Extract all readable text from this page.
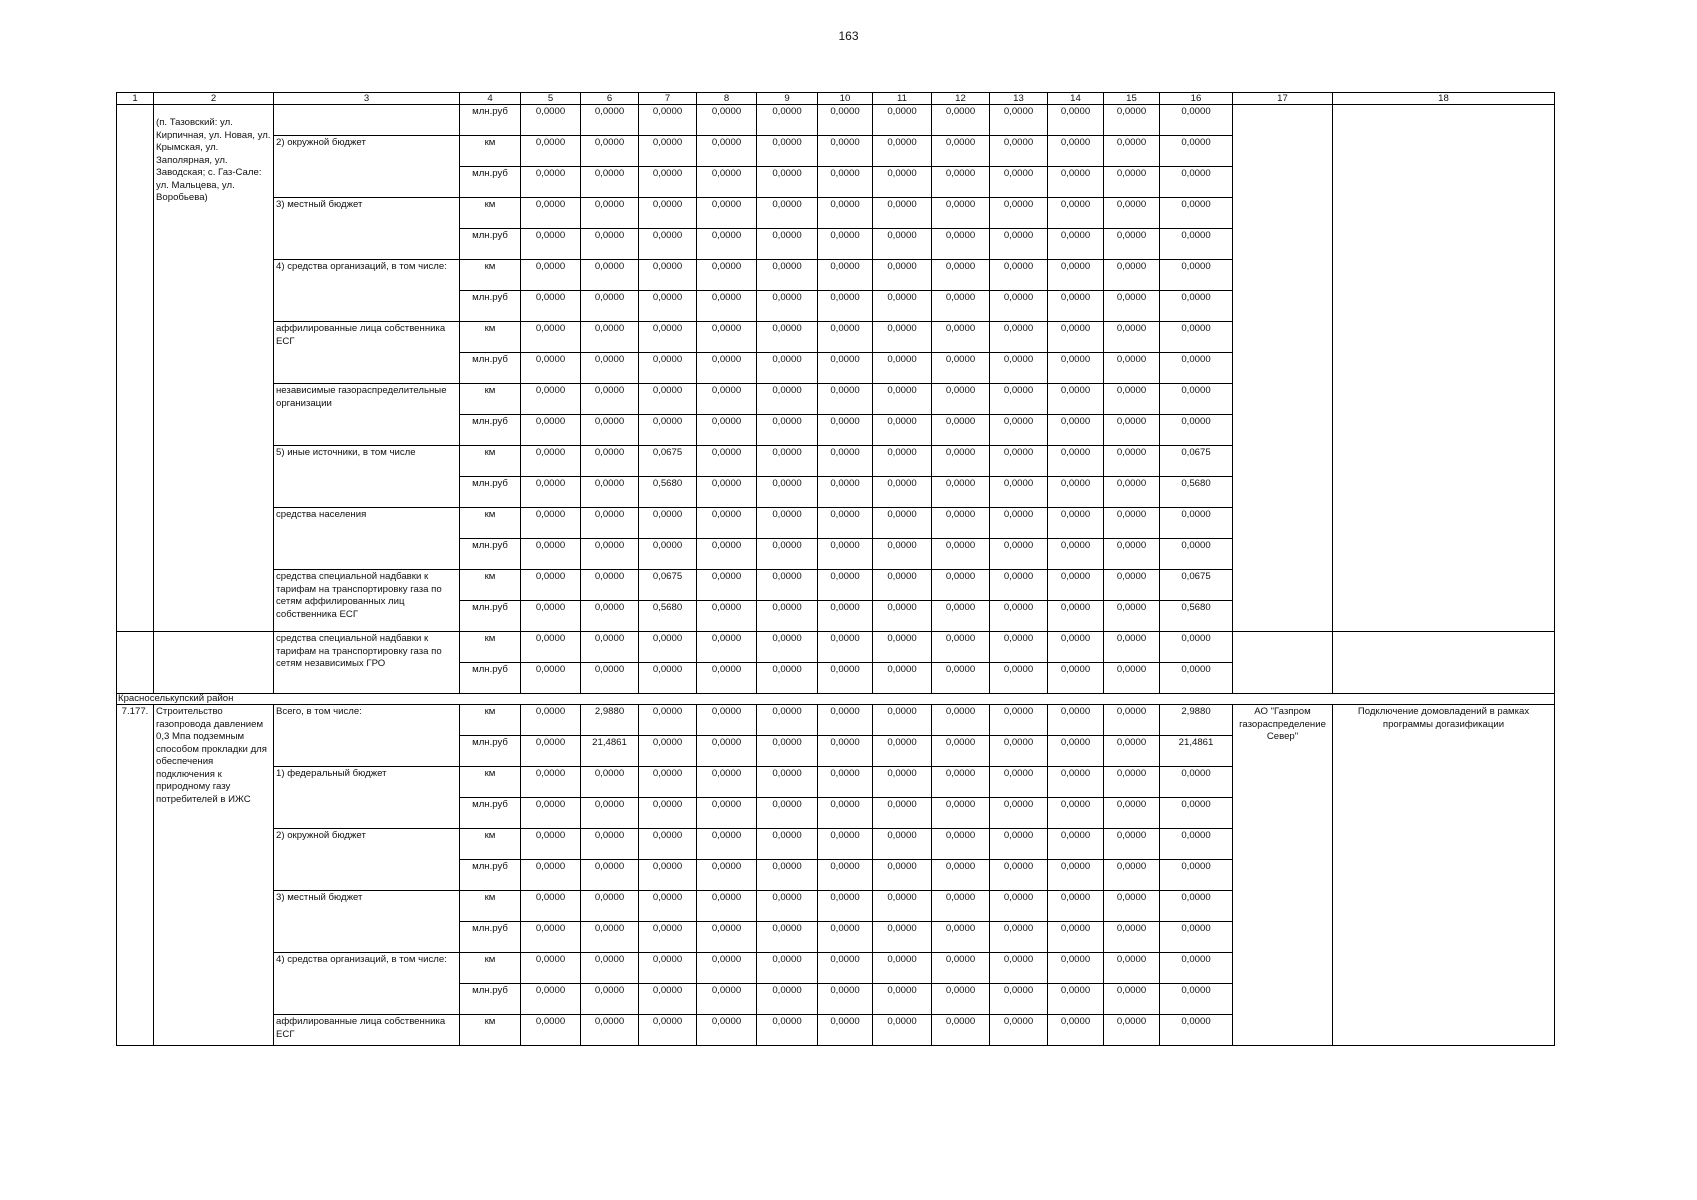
163
1	2	3	4	5	6	7	8	9	10	11	12	13	14	15	16	17	18
	(п. Тазовский: ул. Кирпичная, ул. Новая, ул. Крымская, ул. Заполярная, ул. Заводская; с. Газ-Сале: ул. Мальцева, ул. Воробьева)		млн.руб	0,0000	0,0000	0,0000	0,0000	0,0000	0,0000	0,0000	0,0000	0,0000	0,0000	0,0000	0,0000		
		2) окружной бюджет	км	0,0000	0,0000	0,0000	0,0000	0,0000	0,0000	0,0000	0,0000	0,0000	0,0000	0,0000	0,0000		
			млн.руб	0,0000	0,0000	0,0000	0,0000	0,0000	0,0000	0,0000	0,0000	0,0000	0,0000	0,0000	0,0000		
		3) местный бюджет	км	0,0000	0,0000	0,0000	0,0000	0,0000	0,0000	0,0000	0,0000	0,0000	0,0000	0,0000	0,0000		
			млн.руб	0,0000	0,0000	0,0000	0,0000	0,0000	0,0000	0,0000	0,0000	0,0000	0,0000	0,0000	0,0000		
		4) средства организаций, в том числе:	км	0,0000	0,0000	0,0000	0,0000	0,0000	0,0000	0,0000	0,0000	0,0000	0,0000	0,0000	0,0000		
			млн.руб	0,0000	0,0000	0,0000	0,0000	0,0000	0,0000	0,0000	0,0000	0,0000	0,0000	0,0000	0,0000		
		аффилированные лица собственника ЕСГ	км	0,0000	0,0000	0,0000	0,0000	0,0000	0,0000	0,0000	0,0000	0,0000	0,0000	0,0000	0,0000		
			млн.руб	0,0000	0,0000	0,0000	0,0000	0,0000	0,0000	0,0000	0,0000	0,0000	0,0000	0,0000	0,0000		
		независимые газораспределительные организации	км	0,0000	0,0000	0,0000	0,0000	0,0000	0,0000	0,0000	0,0000	0,0000	0,0000	0,0000	0,0000		
			млн.руб	0,0000	0,0000	0,0000	0,0000	0,0000	0,0000	0,0000	0,0000	0,0000	0,0000	0,0000	0,0000		
		5) иные источники, в том числе	км	0,0000	0,0000	0,0675	0,0000	0,0000	0,0000	0,0000	0,0000	0,0000	0,0000	0,0000	0,0675		
			млн.руб	0,0000	0,0000	0,5680	0,0000	0,0000	0,0000	0,0000	0,0000	0,0000	0,0000	0,0000	0,5680		
		средства населения	км	0,0000	0,0000	0,0000	0,0000	0,0000	0,0000	0,0000	0,0000	0,0000	0,0000	0,0000	0,0000		
			млн.руб	0,0000	0,0000	0,0000	0,0000	0,0000	0,0000	0,0000	0,0000	0,0000	0,0000	0,0000	0,0000		
		средства специальной надбавки к тарифам на транспортировку газа по сетям аффилированных лиц собственника ЕСГ	км	0,0000	0,0000	0,0675	0,0000	0,0000	0,0000	0,0000	0,0000	0,0000	0,0000	0,0000	0,0675		
			млн.руб	0,0000	0,0000	0,5680	0,0000	0,0000	0,0000	0,0000	0,0000	0,0000	0,0000	0,0000	0,5680		
		средства специальной надбавки к тарифам на транспортировку газа по сетям независимых ГРО	км	0,0000	0,0000	0,0000	0,0000	0,0000	0,0000	0,0000	0,0000	0,0000	0,0000	0,0000	0,0000		
			млн.руб	0,0000	0,0000	0,0000	0,0000	0,0000	0,0000	0,0000	0,0000	0,0000	0,0000	0,0000	0,0000		
Красноселькупский район																	
7.177.	Строительство газопровода давлением 0,3 Мпа подземным способом прокладки для обеспечения подключения к природному газу потребителей в ИЖС	Всего, в том числе:	км	0,0000	2,9880	0,0000	0,0000	0,0000	0,0000	0,0000	0,0000	0,0000	0,0000	0,0000	2,9880	АО "Газпром газораспределение Север"	Подключение домовладений в рамках программы догазификации
			млн.руб	0,0000	21,4861	0,0000	0,0000	0,0000	0,0000	0,0000	0,0000	0,0000	0,0000	0,0000	21,4861		
		1) федеральный бюджет	км	0,0000	0,0000	0,0000	0,0000	0,0000	0,0000	0,0000	0,0000	0,0000	0,0000	0,0000	0,0000		
			млн.руб	0,0000	0,0000	0,0000	0,0000	0,0000	0,0000	0,0000	0,0000	0,0000	0,0000	0,0000	0,0000		
		2) окружной бюджет	км	0,0000	0,0000	0,0000	0,0000	0,0000	0,0000	0,0000	0,0000	0,0000	0,0000	0,0000	0,0000		
			млн.руб	0,0000	0,0000	0,0000	0,0000	0,0000	0,0000	0,0000	0,0000	0,0000	0,0000	0,0000	0,0000		
		3) местный бюджет	км	0,0000	0,0000	0,0000	0,0000	0,0000	0,0000	0,0000	0,0000	0,0000	0,0000	0,0000	0,0000		
			млн.руб	0,0000	0,0000	0,0000	0,0000	0,0000	0,0000	0,0000	0,0000	0,0000	0,0000	0,0000	0,0000		
		4) средства организаций, в том числе:	км	0,0000	0,0000	0,0000	0,0000	0,0000	0,0000	0,0000	0,0000	0,0000	0,0000	0,0000	0,0000		
			млн.руб	0,0000	0,0000	0,0000	0,0000	0,0000	0,0000	0,0000	0,0000	0,0000	0,0000	0,0000	0,0000		
		аффилированные лица собственника ЕСГ	км	0,0000	0,0000	0,0000	0,0000	0,0000	0,0000	0,0000	0,0000	0,0000	0,0000	0,0000	0,0000		
